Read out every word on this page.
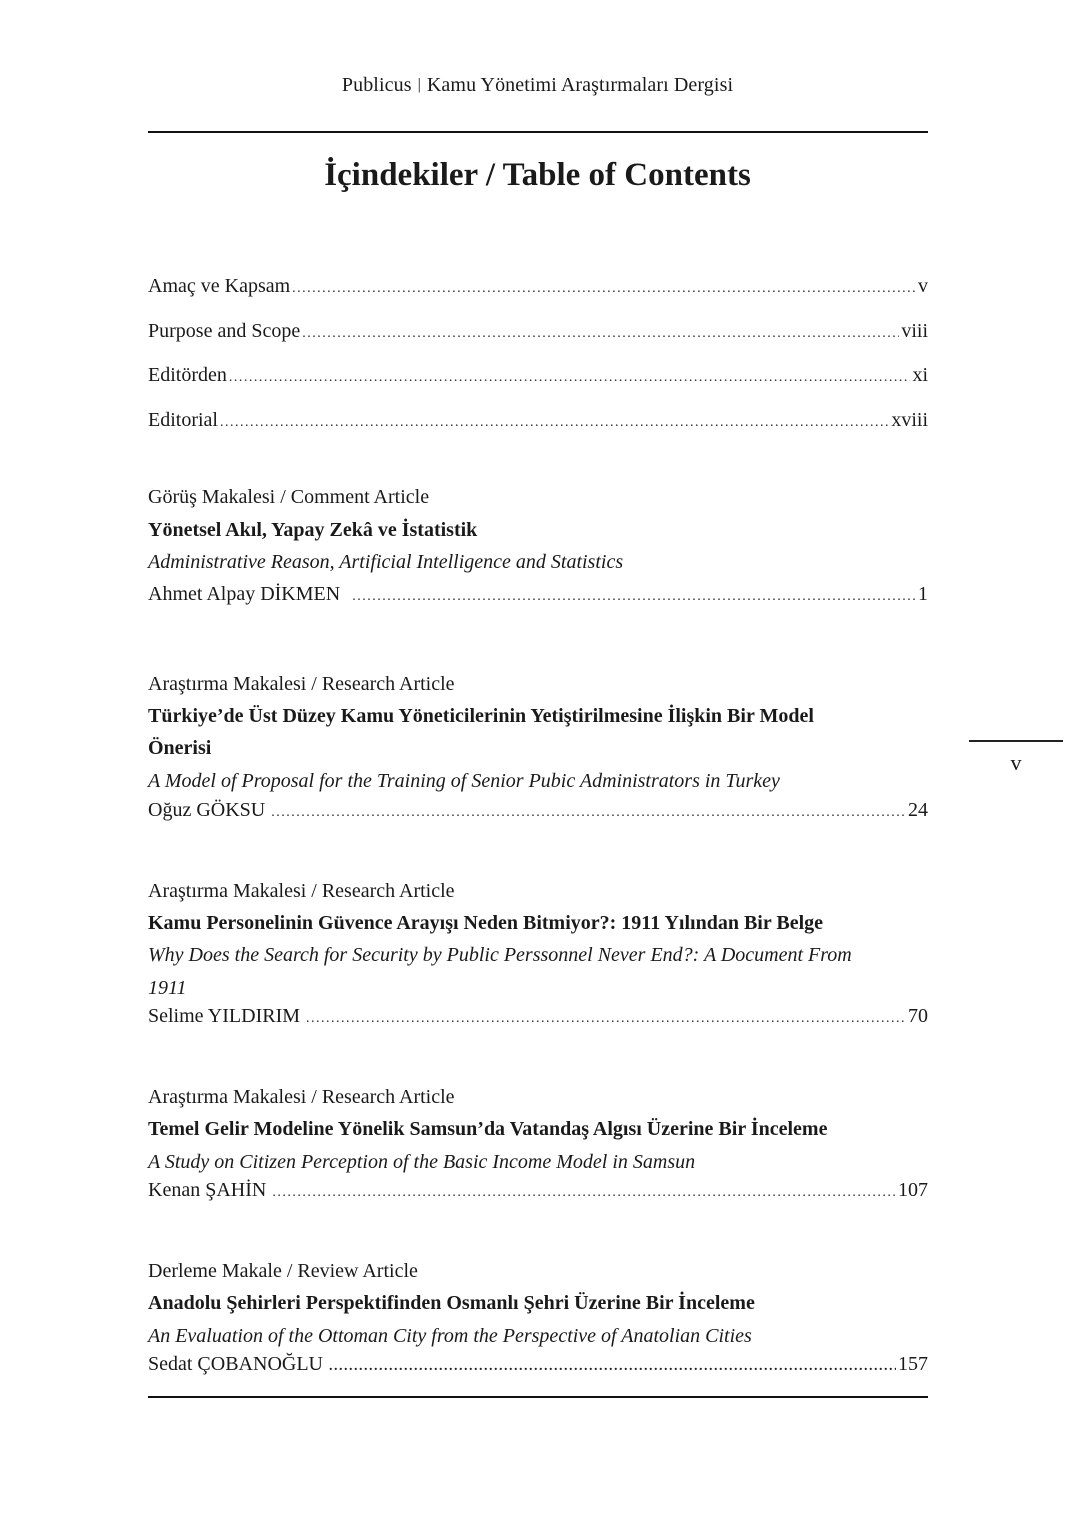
Publicus | Kamu Yönetimi Araştırmaları Dergisi
İçindekiler / Table of Contents
Amaç ve Kapsam .....	v
Purpose and Scope .....	viii
Editörden .....	xi
Editorial .....	xviii
Görüş Makalesi / Comment Article
Yönetsel Akıl, Yapay Zekâ ve İstatistik
Administrative Reason, Artificial Intelligence and Statistics
Ahmet Alpay DİKMEN .....	1
Araştırma Makalesi / Research Article
Türkiye’de Üst Düzey Kamu Yöneticilerinin Yetiştirilmesine İlişkin Bir Model
Önerisi
A Model of Proposal for the Training of Senior Pubic Administrators in Turkey
Oğuz GÖKSU .....	24
Araştırma Makalesi / Research Article
Kamu Personelinin Güvence Arayışı Neden Bitmiyor?: 1911 Yılından Bir Belge
Why Does the Search for Security by Public Perssonnel Never End?: A Document From
1911
Selime YILDIRIM .....	70
Araştırma Makalesi / Research Article
Temel Gelir Modeline Yönelik Samsun’da Vatandaş Algısı Üzerine Bir İnceleme
A Study on Citizen Perception of the Basic Income Model in Samsun
Kenan ŞAHİN .....	107
Derleme Makale / Review Article
Anadolu Şehirleri Perspektifinden Osmanlı Şehri Üzerine Bir İnceleme
An Evaluation of the Ottoman City from the Perspective of Anatolian Cities
Sedat ÇOBANOĞLU .....	157
v
